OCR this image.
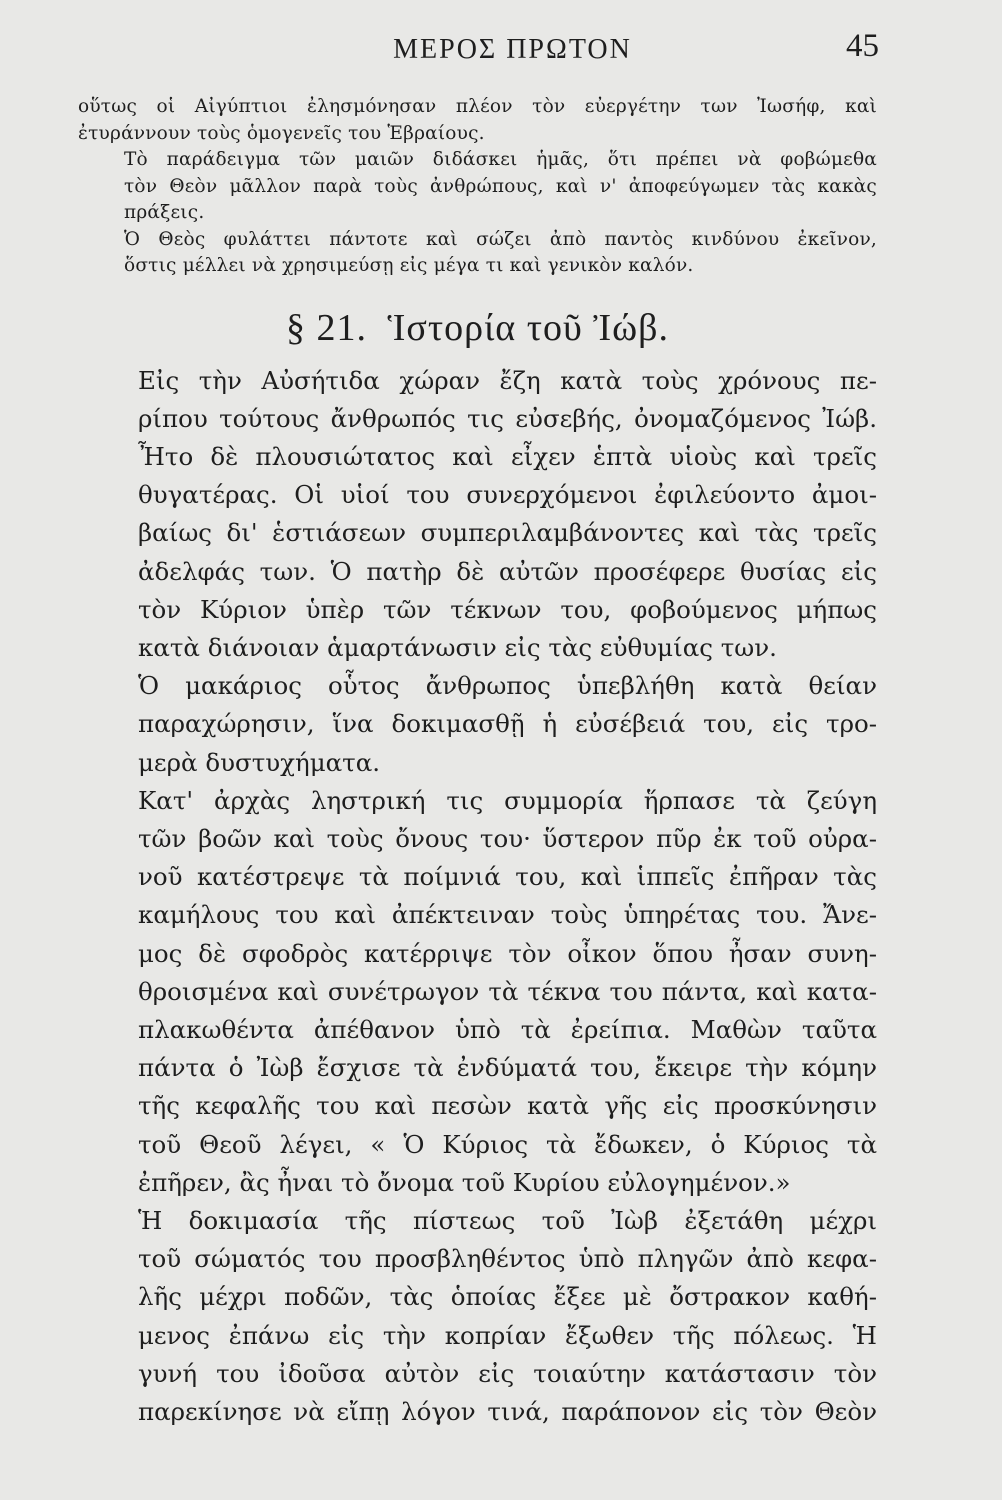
ΜΕΡΟΣ ΠΡΩΤΟΝ	45

οὕτως οἱ Αἰγύπτιοι ἐλησμόνησαν πλέον τὸν εὐεργέτην των Ἰωσήφ, καὶ
ἐτυράννουν τοὺς ὁμογενεῖς του Ἑβραίους.

Τὸ παράδειγμα τῶν μαιῶν διδάσκει ἡμᾶς, ὅτι πρέπει νὰ φοβώμεθα
τὸν Θεὸν μᾶλλον παρὰ τοὺς ἀνθρώπους, καὶ ν' ἀποφεύγωμεν τὰς κακὰς
πράξεις.

Ὁ Θεὸς φυλάττει πάντοτε καὶ σώζει ἀπὸ παντὸς κινδύνου ἐκεῖνον,
ὅστις μέλλει νὰ χρησιμεύσῃ εἰς μέγα τι καὶ γενικὸν καλόν.

§ 21. Ἱστορία τοῦ Ἰώβ.

Εἰς τὴν Αὐσήτιδα χώραν ἔζη κατὰ τοὺς χρόνους πε-
ρίπου τούτους ἄνθρωπός τις εὐσεβής, ὀνομαζόμενος Ἰώβ.
Ἦτο δὲ πλουσιώτατος καὶ εἶχεν ἑπτὰ υἱοὺς καὶ τρεῖς
θυγατέρας. Οἱ υἱοί του συνερχόμενοι ἐφιλεύοντο ἀμοι-
βαίως δι' ἑστιάσεων συμπεριλαμβάνοντες καὶ τὰς τρεῖς
ἀδελφάς των. Ὁ πατὴρ δὲ αὐτῶν προσέφερε θυσίας εἰς
τὸν Κύριον ὑπὲρ τῶν τέκνων του, φοβούμενος μήπως
κατὰ διάνοιαν ἁμαρτάνωσιν εἰς τὰς εὐθυμίας των.

Ὁ μακάριος οὗτος ἄνθρωπος ὑπεβλήθη κατὰ θείαν
παραχώρησιν, ἵνα δοκιμασθῇ ἡ εὐσέβειά του, εἰς τρο-
μερὰ δυστυχήματα.

Κατ' ἀρχὰς ληστρική τις συμμορία ἥρπασε τὰ ζεύγη
τῶν βοῶν καὶ τοὺς ὄνους του· ὕστερον πῦρ ἐκ τοῦ οὐρα-
νοῦ κατέστρεψε τὰ ποίμνιά του, καὶ ἱππεῖς ἐπῆραν τὰς
καμήλους του καὶ ἀπέκτειναν τοὺς ὑπηρέτας του. Ἄνε-
μος δὲ σφοδρὸς κατέρριψε τὸν οἶκον ὅπου ἦσαν συνη-
θροισμένα καὶ συνέτρωγον τὰ τέκνα του πάντα, καὶ κατα-
πλακωθέντα ἀπέθανον ὑπὸ τὰ ἐρείπια. Μαθὼν ταῦτα
πάντα ὁ Ἰὼβ ἔσχισε τὰ ἐνδύματά του, ἔκειρε τὴν κόμην
τῆς κεφαλῆς του καὶ πεσὼν κατὰ γῆς εἰς προσκύνησιν
τοῦ Θεοῦ λέγει, « Ὁ Κύριος τὰ ἔδωκεν, ὁ Κύριος τὰ
ἐπῆρεν, ἂς ἦναι τὸ ὄνομα τοῦ Κυρίου εὐλογημένον.»

Ἡ δοκιμασία τῆς πίστεως τοῦ Ἰὼβ ἐξετάθη μέχρι
τοῦ σώματός του προσβληθέντος ὑπὸ πληγῶν ἀπὸ κεφα-
λῆς μέχρι ποδῶν, τὰς ὁποίας ἔξεε μὲ ὄστρακον καθή-
μενος ἐπάνω εἰς τὴν κοπρίαν ἔξωθεν τῆς πόλεως. Ἡ
γυνή του ἰδοῦσα αὐτὸν εἰς τοιαύτην κατάστασιν τὸν
παρεκίνησε νὰ εἴπῃ λόγον τινά, παράπονον εἰς τὸν Θεὸν
